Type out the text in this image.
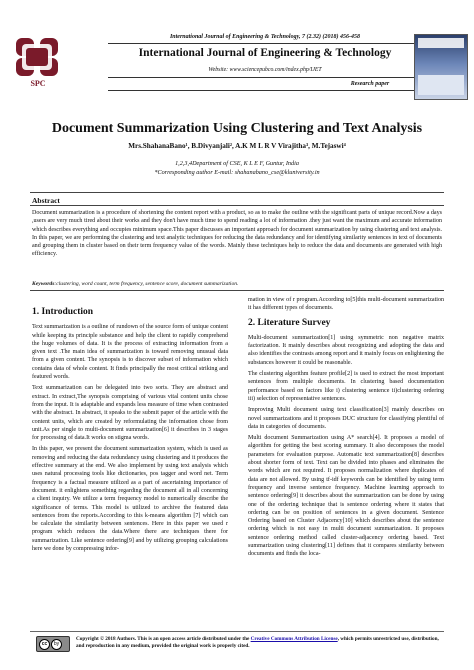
SPC
International Journal of Engineering & Technology, 7 (2.32) (2018) 456-458
International Journal of Engineering & Technology
Website: www.sciencepubco.com/index.php/IJET
Research paper
Document Summarization Using Clustering and Text Analysis
Mrs.ShahanaBano¹, B.Divyanjali², A.K M L R V Virajitha³, M.Tejaswi⁴
1,2,3,4Department of CSE, K L E F, Guntur, India
*Corresponding author E-mail: shahanabano_cse@kluniversity.in
Abstract
Document summarization is a procedure of shortening the content report with a product, so as to make the outline with the significant parts of unique record.Now a days ,users are very much tired about their works and they don't have much time to spend reading a lot of information .they just want the maximum and accurate information which describes everything and occupies minimum space.This paper discusses an important approach for document summarization by using clustering and text analysis. In this paper, we are performing the clustering and text analytic techniques for reducing the data redundancy and for identifying similarity sentences in text of documents and grouping them in cluster based on their term frequency value of the words. Mainly these techniques help to reduce the data and documents are generated with high efficiency.
Keywords:clustering, word count, term frequency, sentence score, document summarization.
1. Introduction

Text summarization is a outline of rundown of the source form of unique content while keeping its principle substance and help the client to rapidly comprehend the huge volumes of data. It is the process of extracting information from a given text .The main idea of summarization is toward removing unusual data from a given content. The synopsis is to discover subset of information which contains data of whole content. It finds principally the most critical striking and featured words.

Text summarization can be delegated into two sorts. They are abstract and extract. In extract,The synopsis comprising of various vital content units chose from the input. It is adaptable and expands less measure of time when contrasted with the abstract. In abstract, it speaks to the submit paper of the article with the content units, which are created by reformulating the information chose from unit.As per single to multi-document summarization[6] it describes in 3 stages for processing of data.It works on stigma words.

In this paper, we present the document summarization system, which is used as removing and reducing the data redundancy using clustering and it produces the effective summary at the end. We also implement by using text analysis which uses natural processing tools like dictionaries, pos tagger and word net. Term frequency is a factual measure utilized as a part of ascertaining importance of document. it enlightens something regarding the document all in all concerning a client inquiry. We utilize a term frequency model to numerically describe the significance of terms. This model is utilized to archive the featured data sentences from the reports.According to this k-means algorithm [7] which can be calculate the similarity between sentences. Here in this paper we used r program which reduces the data.Where there are techniques there for summarization. Like sentence ordering[9] and by utilizing grouping calculations here we done by compressing infor-

mation in view of r program.According to[5]this multi-document summarization it has different types of documents.

2. Literature Survey

Multi-document summarization[1] using symmetric non negative matrix factorization. It mainly describes about recognizing and adopting the data and also identifies the contrasts among report and it mainly focus on enlightening the substances however it could be reasonable.

The clustering algorithm feature profile[2] is used to extract the most important sentences from multiple documents. In clustering based documentation performance based on factors like i) clustering sentence ii)clustering ordering iii) selection of representative sentences.

Improving Multi document using text classification[3] mainly describes on novel summarizations and it proposes DUC structure for classifying plentiful of data in categories of documents.

Multi document Summarization using A* search[4]. It proposes a model of algorithm for getting the best scoring summary. It also decomposes the model parameters for evaluation purpose. Automatic text summarization[8] describes about shorter form of text. Text can be divided into phases and eliminates the words which are not required. It proposes normalization where duplicates of data are not allowed. By using tf-idf keywords can be identified by using term frequency and inverse sentence frequency. Machine learning approach to sentence ordering[9] it describes about the summarization can be done by using one of the ordering technique that is sentence ordering where it states that ordering can be on position of sentences in a given document. Sentence Ordering based on Cluster Adjacency[10] which describes about the sentence ordering which is not easy in multi document summarization. It proposes sentence ordering method called cluster-adjacency ordering based. Text summarization using clustering[11] defines that it compares similarity between documents and finds the loca-

cc	by
Copyright © 2018 Authors. This is an open access article distributed under the Creative Commons Attribution License, which permits unrestricted use, distribution, and reproduction in any medium, provided the original work is properly cited.
